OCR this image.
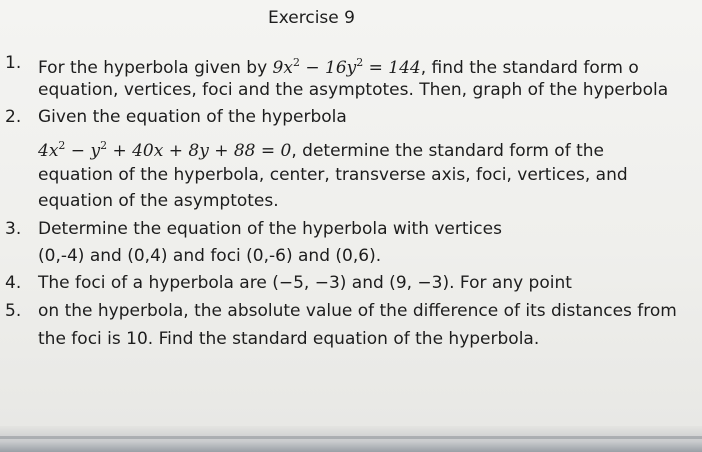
Exercise 9
1. For the hyperbola given by $9x^2 - 16y^2 = 144$, find the standard form o
equation, vertices, foci and the asymptotes. Then, graph of the hyperbola
2. Given the equation of the hyperbola
$4x^2 - y^2 + 40x + 8y + 88 = 0$, determine the standard form of the
equation of the hyperbola, center, transverse axis, foci, vertices, and
equation of the asymptotes.
3. Determine the equation of the hyperbola with vertices
(0,-4) and (0,4) and foci (0,-6) and (0,6).
4. The foci of a hyperbola are (−5, −3) and (9, −3). For any point
5. on the hyperbola, the absolute value of the difference of its distances from
the foci is 10. Find the standard equation of the hyperbola.
